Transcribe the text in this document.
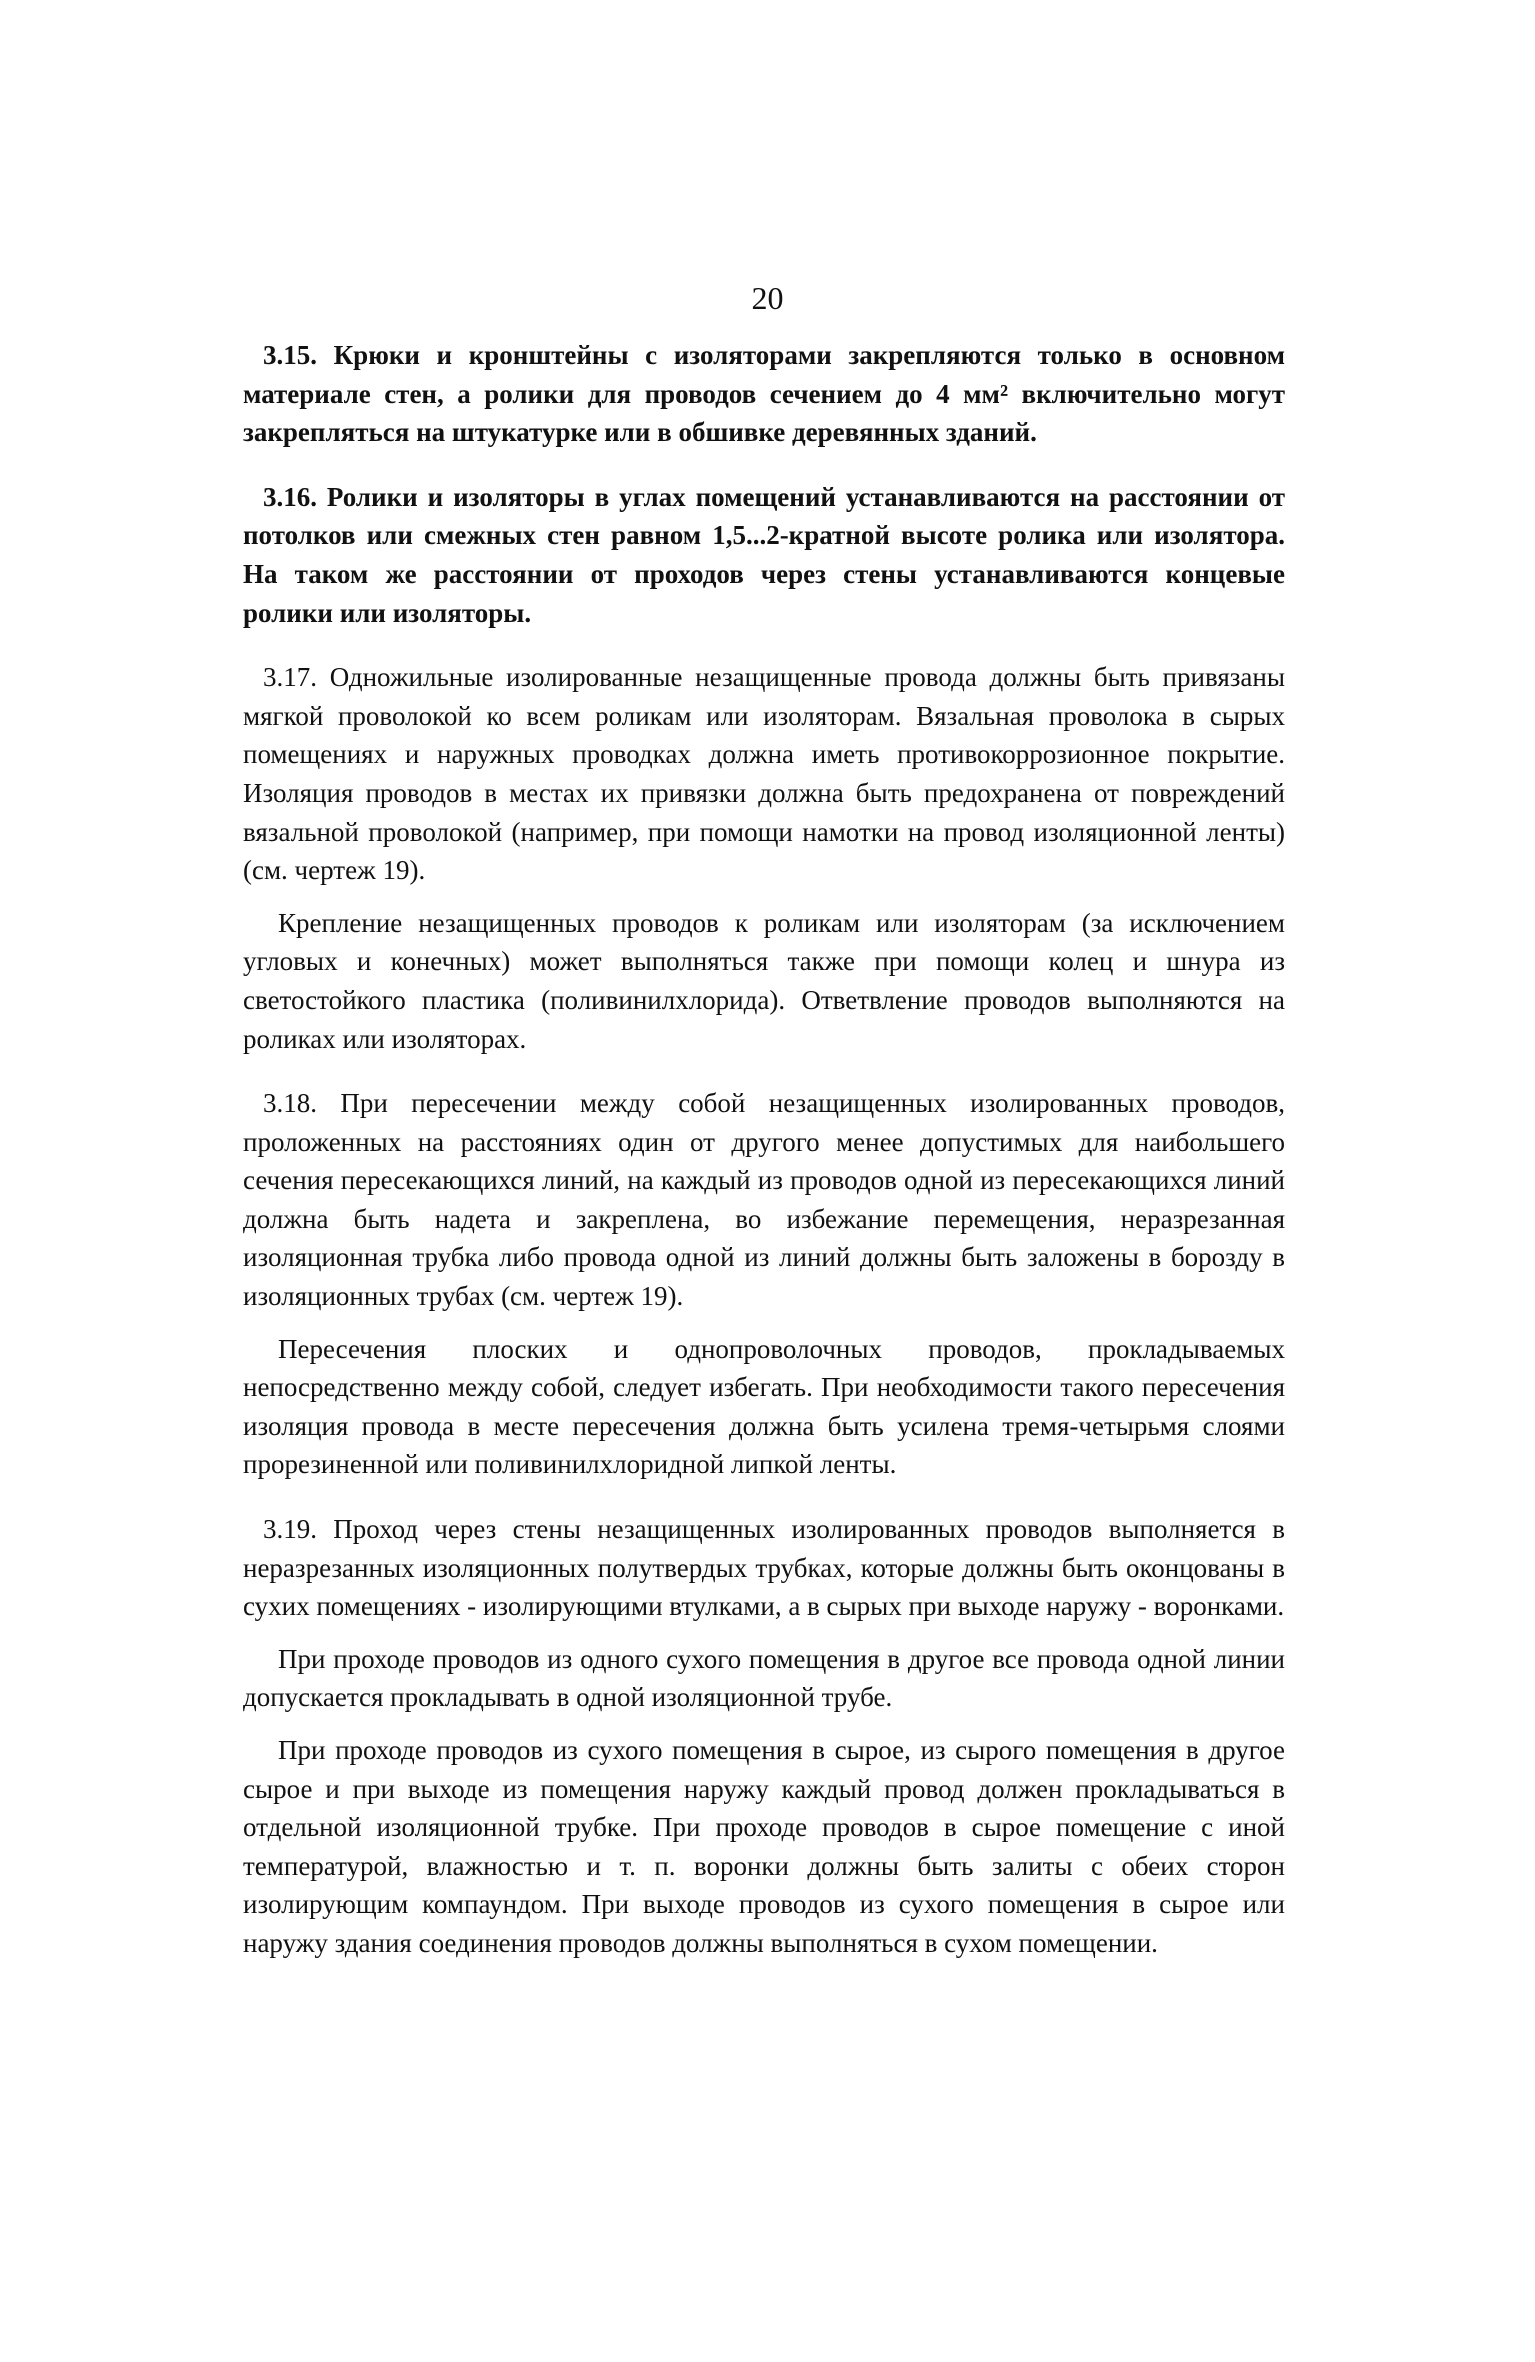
20

3.15. Крюки и кронштейны с изоляторами закрепляются только в основном материале стен, а ролики для проводов сечением до 4 мм² включительно могут закрепляться на штукатурке или в обшивке деревянных зданий.

3.16. Ролики и изоляторы в углах помещений устанавливаются на расстоянии от потолков или смежных стен равном 1,5...2-кратной высоте ролика или изолятора. На таком же расстоянии от проходов через стены устанавливаются концевые ролики или изоляторы.

3.17. Одножильные изолированные незащищенные провода должны быть привязаны мягкой проволокой ко всем роликам или изоляторам. Вязальная проволока в сырых помещениях и наружных проводках должна иметь противокоррозионное покрытие. Изоляция проводов в местах их привязки должна быть предохранена от повреждений вязальной проволокой (например, при помощи намотки на провод изоляционной ленты) (см. чертеж 19).

Крепление незащищенных проводов к роликам или изоляторам (за исключением угловых и конечных) может выполняться также при помощи колец и шнура из светостойкого пластика (поливинилхлорида). Ответвление проводов выполняются на роликах или изоляторах.

3.18. При пересечении между собой незащищенных изолированных проводов, проложенных на расстояниях один от другого менее допустимых для наибольшего сечения пересекающихся линий, на каждый из проводов одной из пересекающихся линий должна быть надета и закреплена, во избежание перемещения, неразрезанная изоляционная трубка либо провода одной из линий должны быть заложены в борозду в изоляционных трубах (см. чертеж 19).

Пересечения плоских и однопроволочных проводов, прокладываемых непосредственно между собой, следует избегать. При необходимости такого пересечения изоляция провода в месте пересечения должна быть усилена тремя-четырьмя слоями прорезиненной или поливинилхлоридной липкой ленты.

3.19. Проход через стены незащищенных изолированных проводов выполняется в неразрезанных изоляционных полутвердых трубках, которые должны быть оконцованы в сухих помещениях - изолирующими втулками, а в сырых при выходе наружу - воронками.

При проходе проводов из одного сухого помещения в другое все провода одной линии допускается прокладывать в одной изоляционной трубе.

При проходе проводов из сухого помещения в сырое, из сырого помещения в другое сырое и при выходе из помещения наружу каждый провод должен прокладываться в отдельной изоляционной трубке. При проходе проводов в сырое помещение с иной температурой, влажностью и т. п. воронки должны быть залиты с обеих сторон изолирующим компаундом. При выходе проводов из сухого помещения в сырое или наружу здания соединения проводов должны выполняться в сухом помещении.
